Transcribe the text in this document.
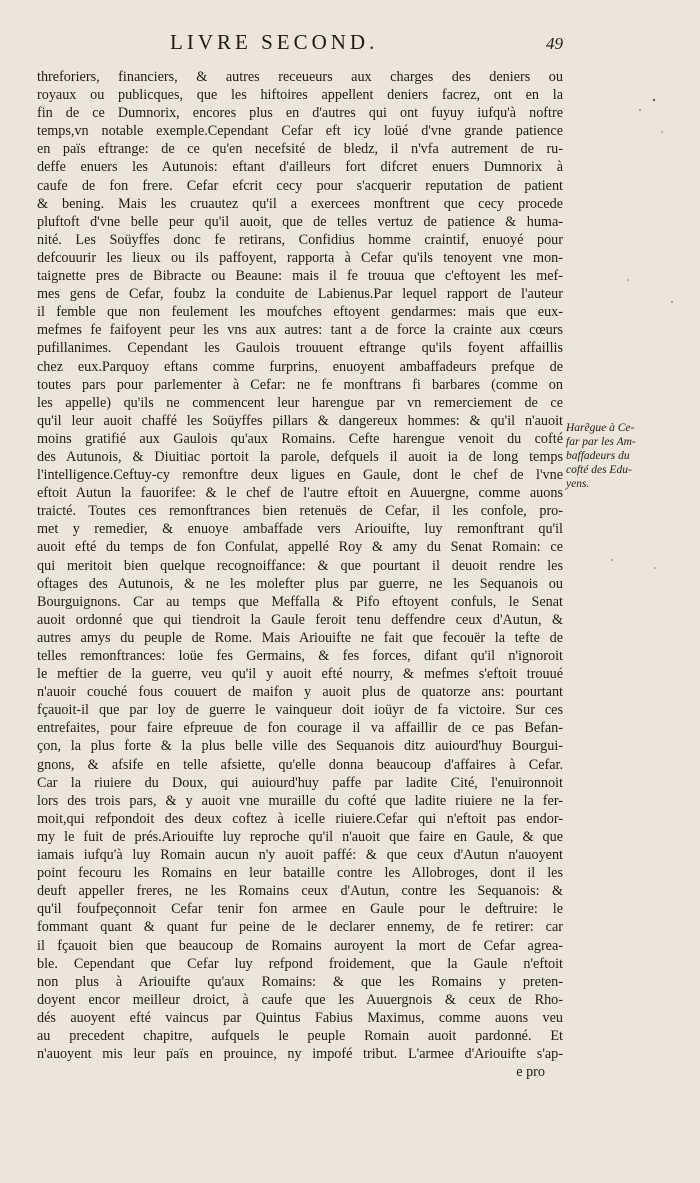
LIVRE SECOND.	49
threforiers, financiers, & autres receueurs aux charges des deniers ou
royaux ou publicques, que les hiftoires appellent deniers facrez, ont en la
fin de ce Dumnorix, encores plus en d'autres qui ont fuyuy iufqu'à noftre
temps,vn notable exemple.Cependant Cefar eft icy loüé d'vne grande patience
en païs eftrange: de ce qu'en necefsité de bledz, il n'vfa autrement de ru-
deffe enuers les Autunois: eftant d'ailleurs fort difcret enuers Dumnorix à
caufe de fon frere. Cefar efcrit cecy pour s'acquerir reputation de patient
& bening. Mais les cruautez qu'il a exercees monftrent que cecy procede
pluftoft d'vne belle peur qu'il auoit, que de telles vertuz de patience & huma-
nité. Les Soüyffes donc fe retirans, Confidius homme craintif, enuoyé pour
defcouurir les lieux ou ils paffoyent, rapporta à Cefar qu'ils tenoyent vne mon-
taignette pres de Bibracte ou Beaune: mais il fe trouua que c'eftoyent les mef-
mes gens de Cefar, foubz la conduite de Labienus.Par lequel rapport de l'auteur
il femble que non feulement les moufches eftoyent gendarmes: mais que eux-
mefmes fe faifoyent peur les vns aux autres: tant a de force la crainte aux cœurs
pufillanimes. Cependant les Gaulois trouuent eftrange qu'ils foyent affaillis
chez eux.Parquoy eftans comme furprins, enuoyent ambaffadeurs prefque de
toutes pars pour parlementer à Cefar: ne fe monftrans fi barbares (comme on
les appelle) qu'ils ne commencent leur harengue par vn remerciement de ce
qu'il leur auoit chaffé les Soüyffes pillars & dangereux hommes: & qu'il n'auoit
moins gratifié aux Gaulois qu'aux Romains. Cefte harengue venoit du cofté
des Autunois, & Diuitiac portoit la parole, defquels il auoit ia de long temps
l'intelligence.Ceftuy-cy remonftre deux ligues en Gaule, dont le chef de l'vne
eftoit Autun la fauorifee: & le chef de l'autre eftoit en Auuergne, comme auons
traicté. Toutes ces remonftrances bien retenuës de Cefar, il les confole, pro-
met y remedier, & enuoye ambaffade vers Ariouifte, luy remonftrant qu'il
auoit efté du temps de fon Confulat, appellé Roy & amy du Senat Romain: ce
qui meritoit bien quelque recognoiffance: & que pourtant il deuoit rendre les
oftages des Autunois, & ne les molefter plus par guerre, ne les Sequanois ou
Bourguignons. Car au temps que Meffalla & Pifo eftoyent confuls, le Senat
auoit ordonné que qui tiendroit la Gaule feroit tenu deffendre ceux d'Autun, &
autres amys du peuple de Rome. Mais Ariouifte ne fait que fecouër la tefte de
telles remonftrances: loüe fes Germains, & fes forces, difant qu'il n'ignoroit
le meftier de la guerre, veu qu'il y auoit efté nourry, & mefmes s'eftoit trouué
n'auoir couché fous couuert de maifon y auoit plus de quatorze ans: pourtant
fçauoit-il que par loy de guerre le vainqueur doit ioüyr de fa victoire. Sur ces
entrefaites, pour faire efpreuue de fon courage il va affaillir de ce pas Befan-
çon, la plus forte & la plus belle ville des Sequanois ditz auiourd'huy Bourgui-
gnons, & afsife en telle afsiette, qu'elle donna beaucoup d'affaires à Cefar.
Car la riuiere du Doux, qui auiourd'huy paffe par ladite Cité, l'enuironnoit
lors des trois pars, & y auoit vne muraille du cofté que ladite riuiere ne la fer-
moit,qui refpondoit des deux coftez à icelle riuiere.Cefar qui n'eftoit pas endor-
my le fuit de prés.Ariouifte luy reproche qu'il n'auoit que faire en Gaule, & que
iamais iufqu'à luy Romain aucun n'y auoit paffé: & que ceux d'Autun n'auoyent
point fecouru les Romains en leur bataille contre les Allobroges, dont il les
deuft appeller freres, ne les Romains ceux d'Autun, contre les Sequanois: &
qu'il foufpeçonnoit Cefar tenir fon armee en Gaule pour le deftruire: le
fommant quant & quant fur peine de le declarer ennemy, de fe retirer: car
il fçauoit bien que beaucoup de Romains auroyent la mort de Cefar agrea-
ble. Cependant que Cefar luy refpond froidement, que la Gaule n'eftoit
non plus à Ariouifte qu'aux Romains: & que les Romains y preten-
doyent encor meilleur droict, à caufe que les Auuergnois & ceux de Rho-
dés auoyent efté vaincus par Quintus Fabius Maximus, comme auons veu
au precedent chapitre, aufquels le peuple Romain auoit pardonné. Et
n'auoyent mis leur païs en prouince, ny impofé tribut. L'armee d'Ariouifte s'ap-
e pro
Harẽgue à Ce-
far par les Am-
baffadeurs du
cofté des Edu-
yens.
